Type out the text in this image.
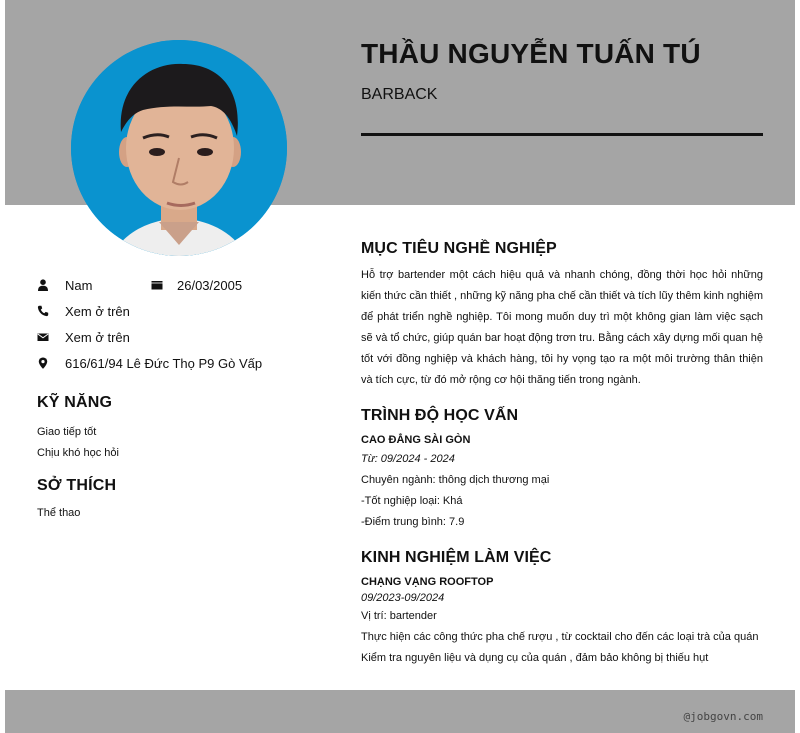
THẦU NGUYỄN TUẤN TÚ
BARBACK
Nam	26/03/2005
Xem ở trên
Xem ở trên
616/61/94 Lê Đức Thọ P9 Gò Vấp
KỸ NĂNG
Giao tiếp tốt
Chịu khó học hỏi
SỞ THÍCH
Thể thao
MỤC TIÊU NGHỀ NGHIỆP

Hỗ trợ bartender một cách hiệu quả và nhanh chóng, đồng thời học hỏi những kiến thức cần thiết , những kỹ năng pha chế cần thiết và tích lũy thêm kinh nghiệm để phát triển nghề nghiệp. Tôi mong muốn duy trì một không gian làm việc sạch sẽ và tổ chức, giúp quán bar hoạt động trơn tru. Bằng cách xây dựng mối quan hệ tốt với đồng nghiệp và khách hàng, tôi hy vọng tạo ra một môi trường thân thiện và tích cực, từ đó mở rộng cơ hội thăng tiến trong ngành.

TRÌNH ĐỘ HỌC VẤN
CAO ĐẲNG SÀI GÒN
Từ: 09/2024 - 2024
Chuyên ngành: thông dịch thương mại
-Tốt nghiệp loại: Khá
-Điểm trung bình: 7.9
KINH NGHIỆM LÀM VIỆC
CHẠNG VẠNG ROOFTOP
09/2023-09/2024
Vị trí: bartender
Thực hiện các công thức pha chế rượu , từ cocktail cho đến các loại trà của quán
Kiểm tra nguyên liệu và dụng cụ của quán , đảm bảo không bị thiếu hụt
@jobgovn.com
